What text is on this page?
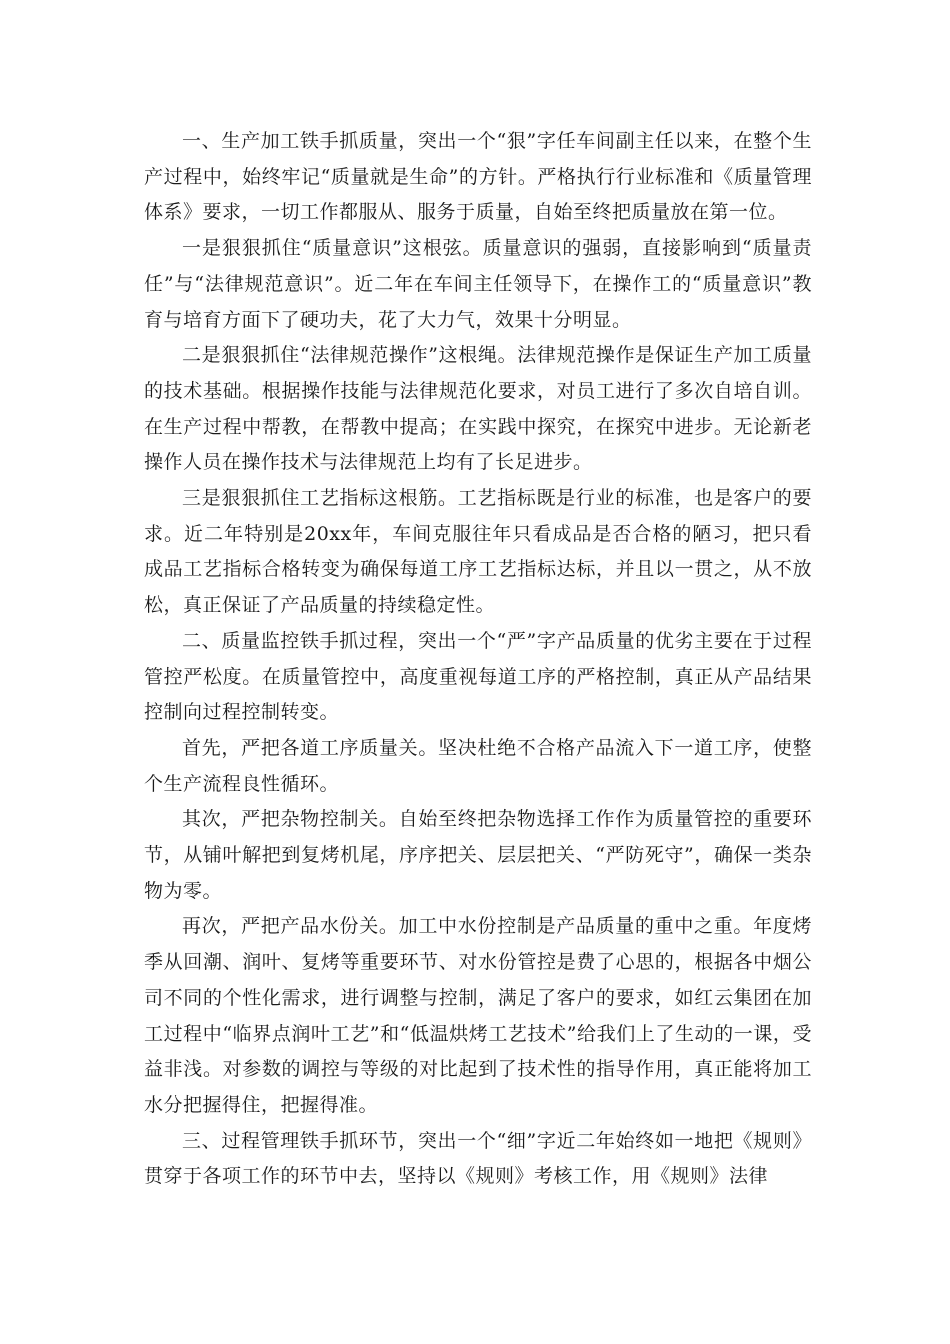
一、生产加工铁手抓质量，突出一个“狠”字任车间副主任以来，在整个生产过程中，始终牢记“质量就是生命”的方针。严格执行行业标准和《质量管理体系》要求，一切工作都服从、服务于质量，自始至终把质量放在第一位。

一是狠狠抓住“质量意识”这根弦。质量意识的强弱，直接影响到“质量责任”与“法律规范意识”。近二年在车间主任领导下，在操作工的“质量意识”教育与培育方面下了硬功夫，花了大力气，效果十分明显。

二是狠狠抓住“法律规范操作”这根绳。法律规范操作是保证生产加工质量的技术基础。根据操作技能与法律规范化要求，对员工进行了多次自培自训。在生产过程中帮教，在帮教中提高；在实践中探究，在探究中进步。无论新老操作人员在操作技术与法律规范上均有了长足进步。

三是狠狠抓住工艺指标这根筋。工艺指标既是行业的标准，也是客户的要求。近二年特别是20xx年，车间克服往年只看成品是否合格的陋习，把只看成品工艺指标合格转变为确保每道工序工艺指标达标，并且以一贯之，从不放松，真正保证了产品质量的持续稳定性。

二、质量监控铁手抓过程，突出一个“严”字产品质量的优劣主要在于过程管控严松度。在质量管控中，高度重视每道工序的严格控制，真正从产品结果控制向过程控制转变。

首先，严把各道工序质量关。坚决杜绝不合格产品流入下一道工序，使整个生产流程良性循环。

其次，严把杂物控制关。自始至终把杂物选择工作作为质量管控的重要环节，从铺叶解把到复烤机尾，序序把关、层层把关、“严防死守”，确保一类杂物为零。

再次，严把产品水份关。加工中水份控制是产品质量的重中之重。年度烤季从回潮、润叶、复烤等重要环节、对水份管控是费了心思的，根据各中烟公司不同的个性化需求，进行调整与控制，满足了客户的要求，如红云集团在加工过程中“临界点润叶工艺”和“低温烘烤工艺技术”给我们上了生动的一课，受益非浅。对参数的调控与等级的对比起到了技术性的指导作用，真正能将加工水分把握得住，把握得准。

三、过程管理铁手抓环节，突出一个“细”字近二年始终如一地把《规则》贯穿于各项工作的环节中去，坚持以《规则》考核工作，用《规则》法律
